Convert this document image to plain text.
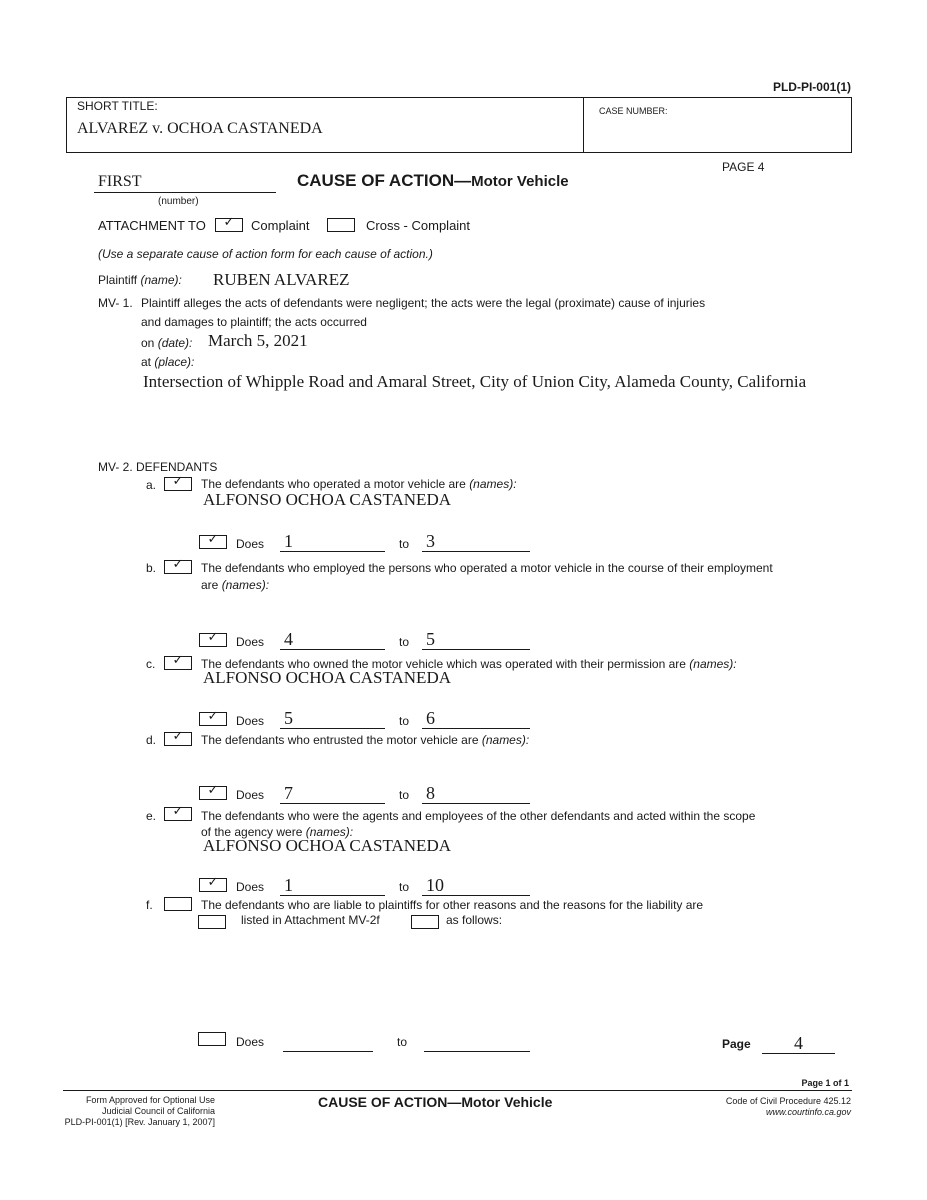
PLD-PI-001(1)
SHORT TITLE:
ALVAREZ v. OCHOA CASTANEDA
CASE NUMBER:
PAGE 4
FIRST
(number)
CAUSE OF ACTION—Motor Vehicle
ATTACHMENT TO	✓	Complaint	Cross - Complaint
(Use a separate cause of action form for each cause of action.)
Plaintiff (name): RUBEN ALVAREZ
MV- 1. Plaintiff alleges the acts of defendants were negligent; the acts were the legal (proximate) cause of injuries
and damages to plaintiff; the acts occurred
on (date): March 5, 2021
at (place):
Intersection of Whipple Road and Amaral Street, City of Union City, Alameda County, California
MV- 2. DEFENDANTS
a.	✓	The defendants who operated a motor vehicle are (names):
ALFONSO OCHOA CASTANEDA
✓	Does 1	to 3
b.	✓	The defendants who employed the persons who operated a motor vehicle in the course of their employment
are (names):
✓	Does 4	to 5
c.	✓	The defendants who owned the motor vehicle which was operated with their permission are (names):
ALFONSO OCHOA CASTANEDA
✓	Does 5	to 6
d.	✓	The defendants who entrusted the motor vehicle are (names):
✓	Does 7	to 8
e.	✓	The defendants who were the agents and employees of the other defendants and acted within the scope
of the agency were (names):
ALFONSO OCHOA CASTANEDA
✓	Does 1	to 10
f.	The defendants who are liable to plaintiffs for other reasons and the reasons for the liability are
listed in Attachment MV-2f	as follows:
Does	to	Page 4
Page 1 of 1
Form Approved for Optional Use
Judicial Council of California
PLD-PI-001(1) [Rev. January 1, 2007]
CAUSE OF ACTION—Motor Vehicle	Code of Civil Procedure 425.12
www.courtinfo.ca.gov
